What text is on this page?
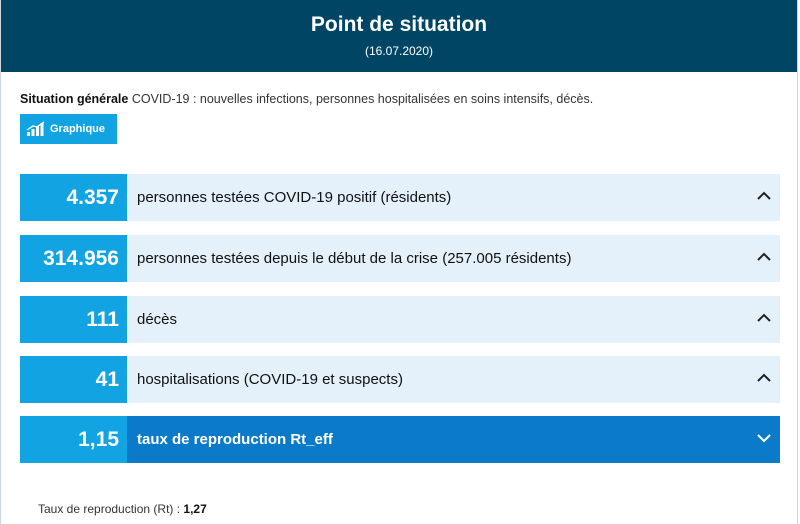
Point de situation
(16.07.2020)
Situation générale COVID-19 : nouvelles infections, personnes hospitalisées en soins intensifs, décès.
Graphique
4.357	personnes testées COVID-19 positif (résidents)
314.956	personnes testées depuis le début de la crise (257.005 résidents)
111	décès
41	hospitalisations (COVID-19 et suspects)
1,15	taux de reproduction Rt_eff
Taux de reproduction (Rt) : 1,27
